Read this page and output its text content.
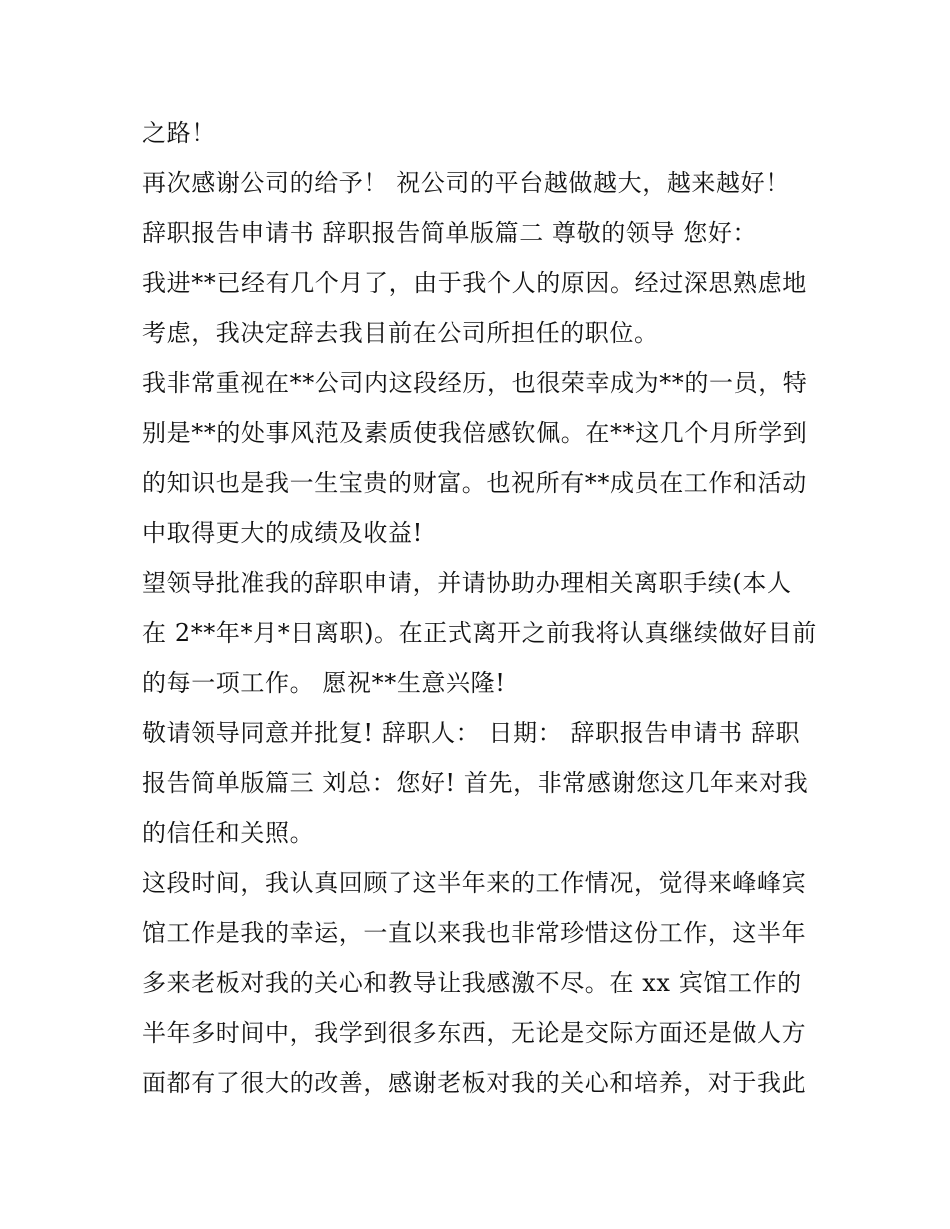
之路！

再次感谢公司的给予！ 祝公司的平台越做越大，越来越好！

辞职报告申请书 辞职报告简单版篇二 尊敬的领导 您好：

我进**已经有几个月了，由于我个人的原因。经过深思熟虑地

考虑，我决定辞去我目前在公司所担任的职位。

我非常重视在**公司内这段经历，也很荣幸成为**的一员，特

别是**的处事风范及素质使我倍感钦佩。在**这几个月所学到

的知识也是我一生宝贵的财富。也祝所有**成员在工作和活动

中取得更大的成绩及收益!

望领导批准我的辞职申请，并请协助办理相关离职手续(本人

在 2**年*月*日离职)。在正式离开之前我将认真继续做好目前

的每一项工作。 愿祝**生意兴隆!

敬请领导同意并批复! 辞职人： 日期： 辞职报告申请书 辞职

报告简单版篇三 刘总：您好! 首先，非常感谢您这几年来对我

的信任和关照。

这段时间，我认真回顾了这半年来的工作情况，觉得来峰峰宾

馆工作是我的幸运，一直以来我也非常珍惜这份工作，这半年

多来老板对我的关心和教导让我感激不尽。在 xx 宾馆工作的

半年多时间中，我学到很多东西，无论是交际方面还是做人方

面都有了很大的改善，感谢老板对我的关心和培养，对于我此
